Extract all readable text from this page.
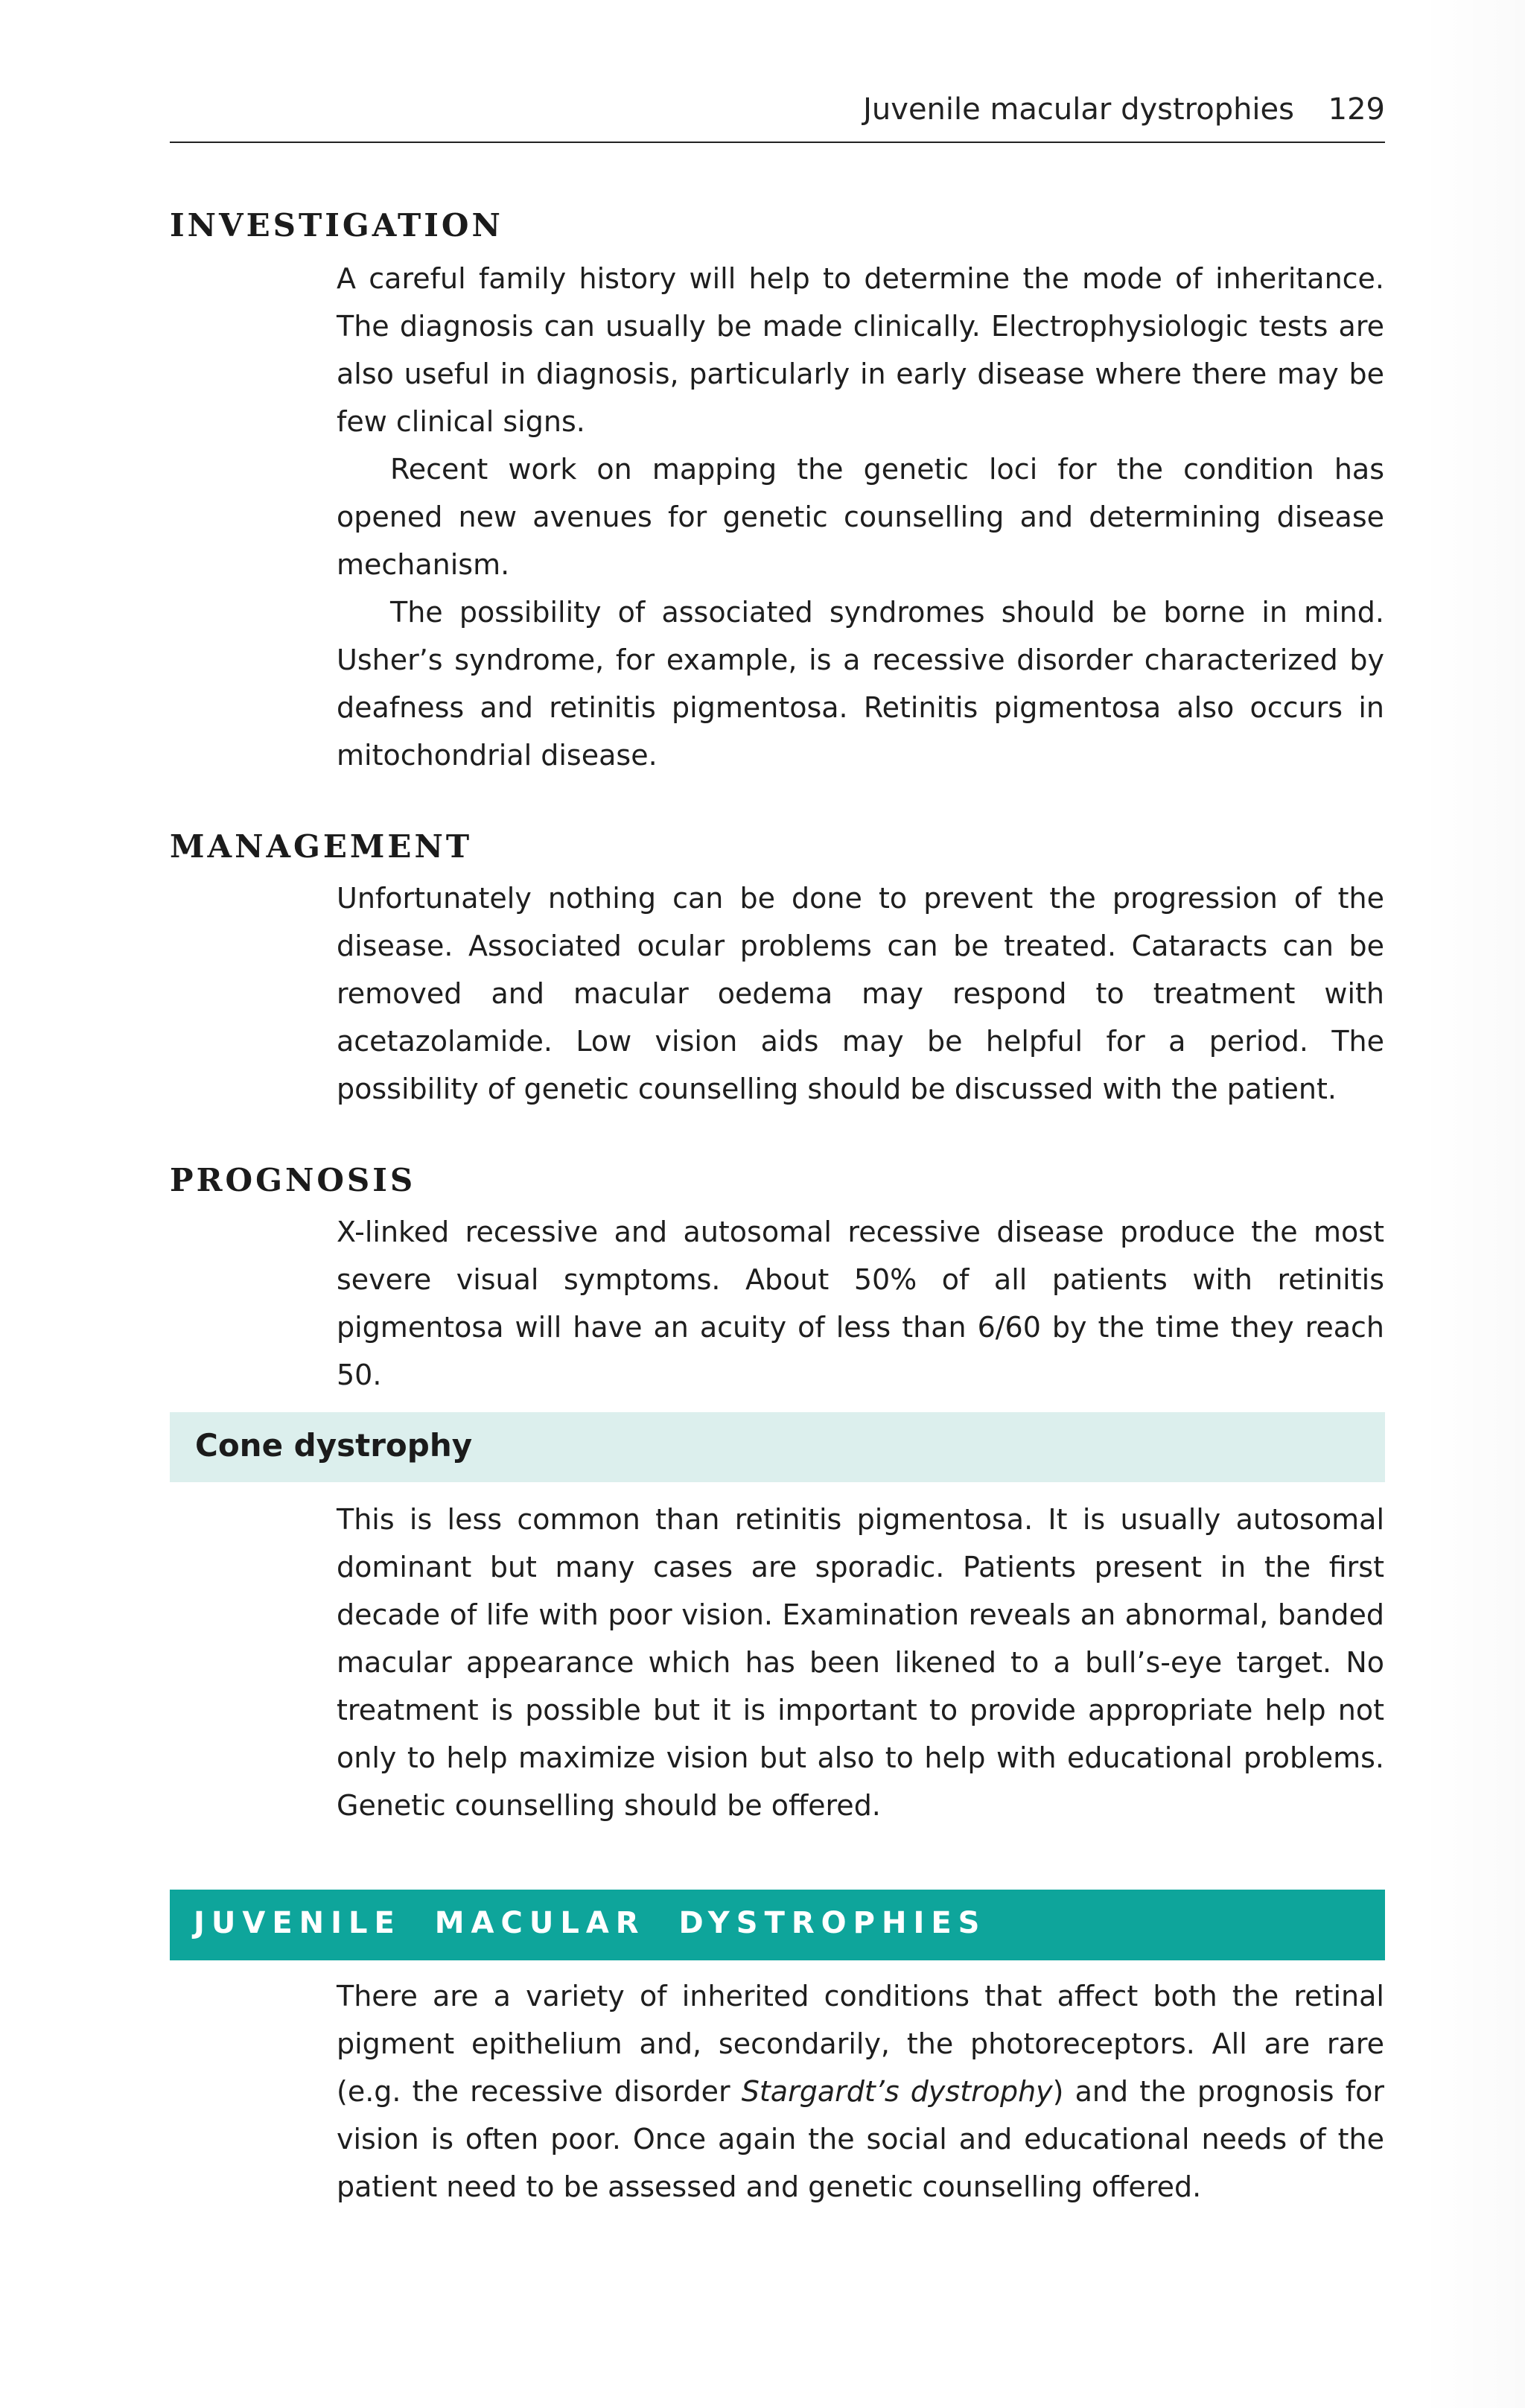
Juvenile macular dystrophies 129
INVESTIGATION

A careful family history will help to determine the mode of inheritance. The diagnosis can usually be made clinically. Electrophysiologic tests are also useful in diagnosis, particularly in early disease where there may be few clinical signs.

Recent work on mapping the genetic loci for the condition has opened new avenues for genetic counselling and determining disease mechanism.

The possibility of associated syndromes should be borne in mind. Usher’s syndrome, for example, is a recessive disorder characterized by deafness and retinitis pigmentosa. Retinitis pigmentosa also occurs in mitochondrial disease.

MANAGEMENT

Unfortunately nothing can be done to prevent the progression of the disease. Associated ocular problems can be treated. Cataracts can be removed and macular oedema may respond to treatment with acetazolamide. Low vision aids may be helpful for a period. The possibility of genetic counselling should be discussed with the patient.

PROGNOSIS

X-linked recessive and autosomal recessive disease produce the most severe visual symptoms. About 50% of all patients with retinitis pigmentosa will have an acuity of less than 6/60 by the time they reach 50.

Cone dystrophy

This is less common than retinitis pigmentosa. It is usually autosomal dominant but many cases are sporadic. Patients present in the first decade of life with poor vision. Examination reveals an abnormal, banded macular appearance which has been likened to a bull’s-eye target. No treatment is possible but it is important to provide appropriate help not only to help maximize vision but also to help with educational problems. Genetic counselling should be offered.

JUVENILE MACULAR DYSTROPHIES

There are a variety of inherited conditions that affect both the retinal pigment epithelium and, secondarily, the photoreceptors. All are rare (e.g. the recessive disorder Stargardt’s dystrophy) and the prognosis for vision is often poor. Once again the social and educational needs of the patient need to be assessed and genetic counselling offered.
